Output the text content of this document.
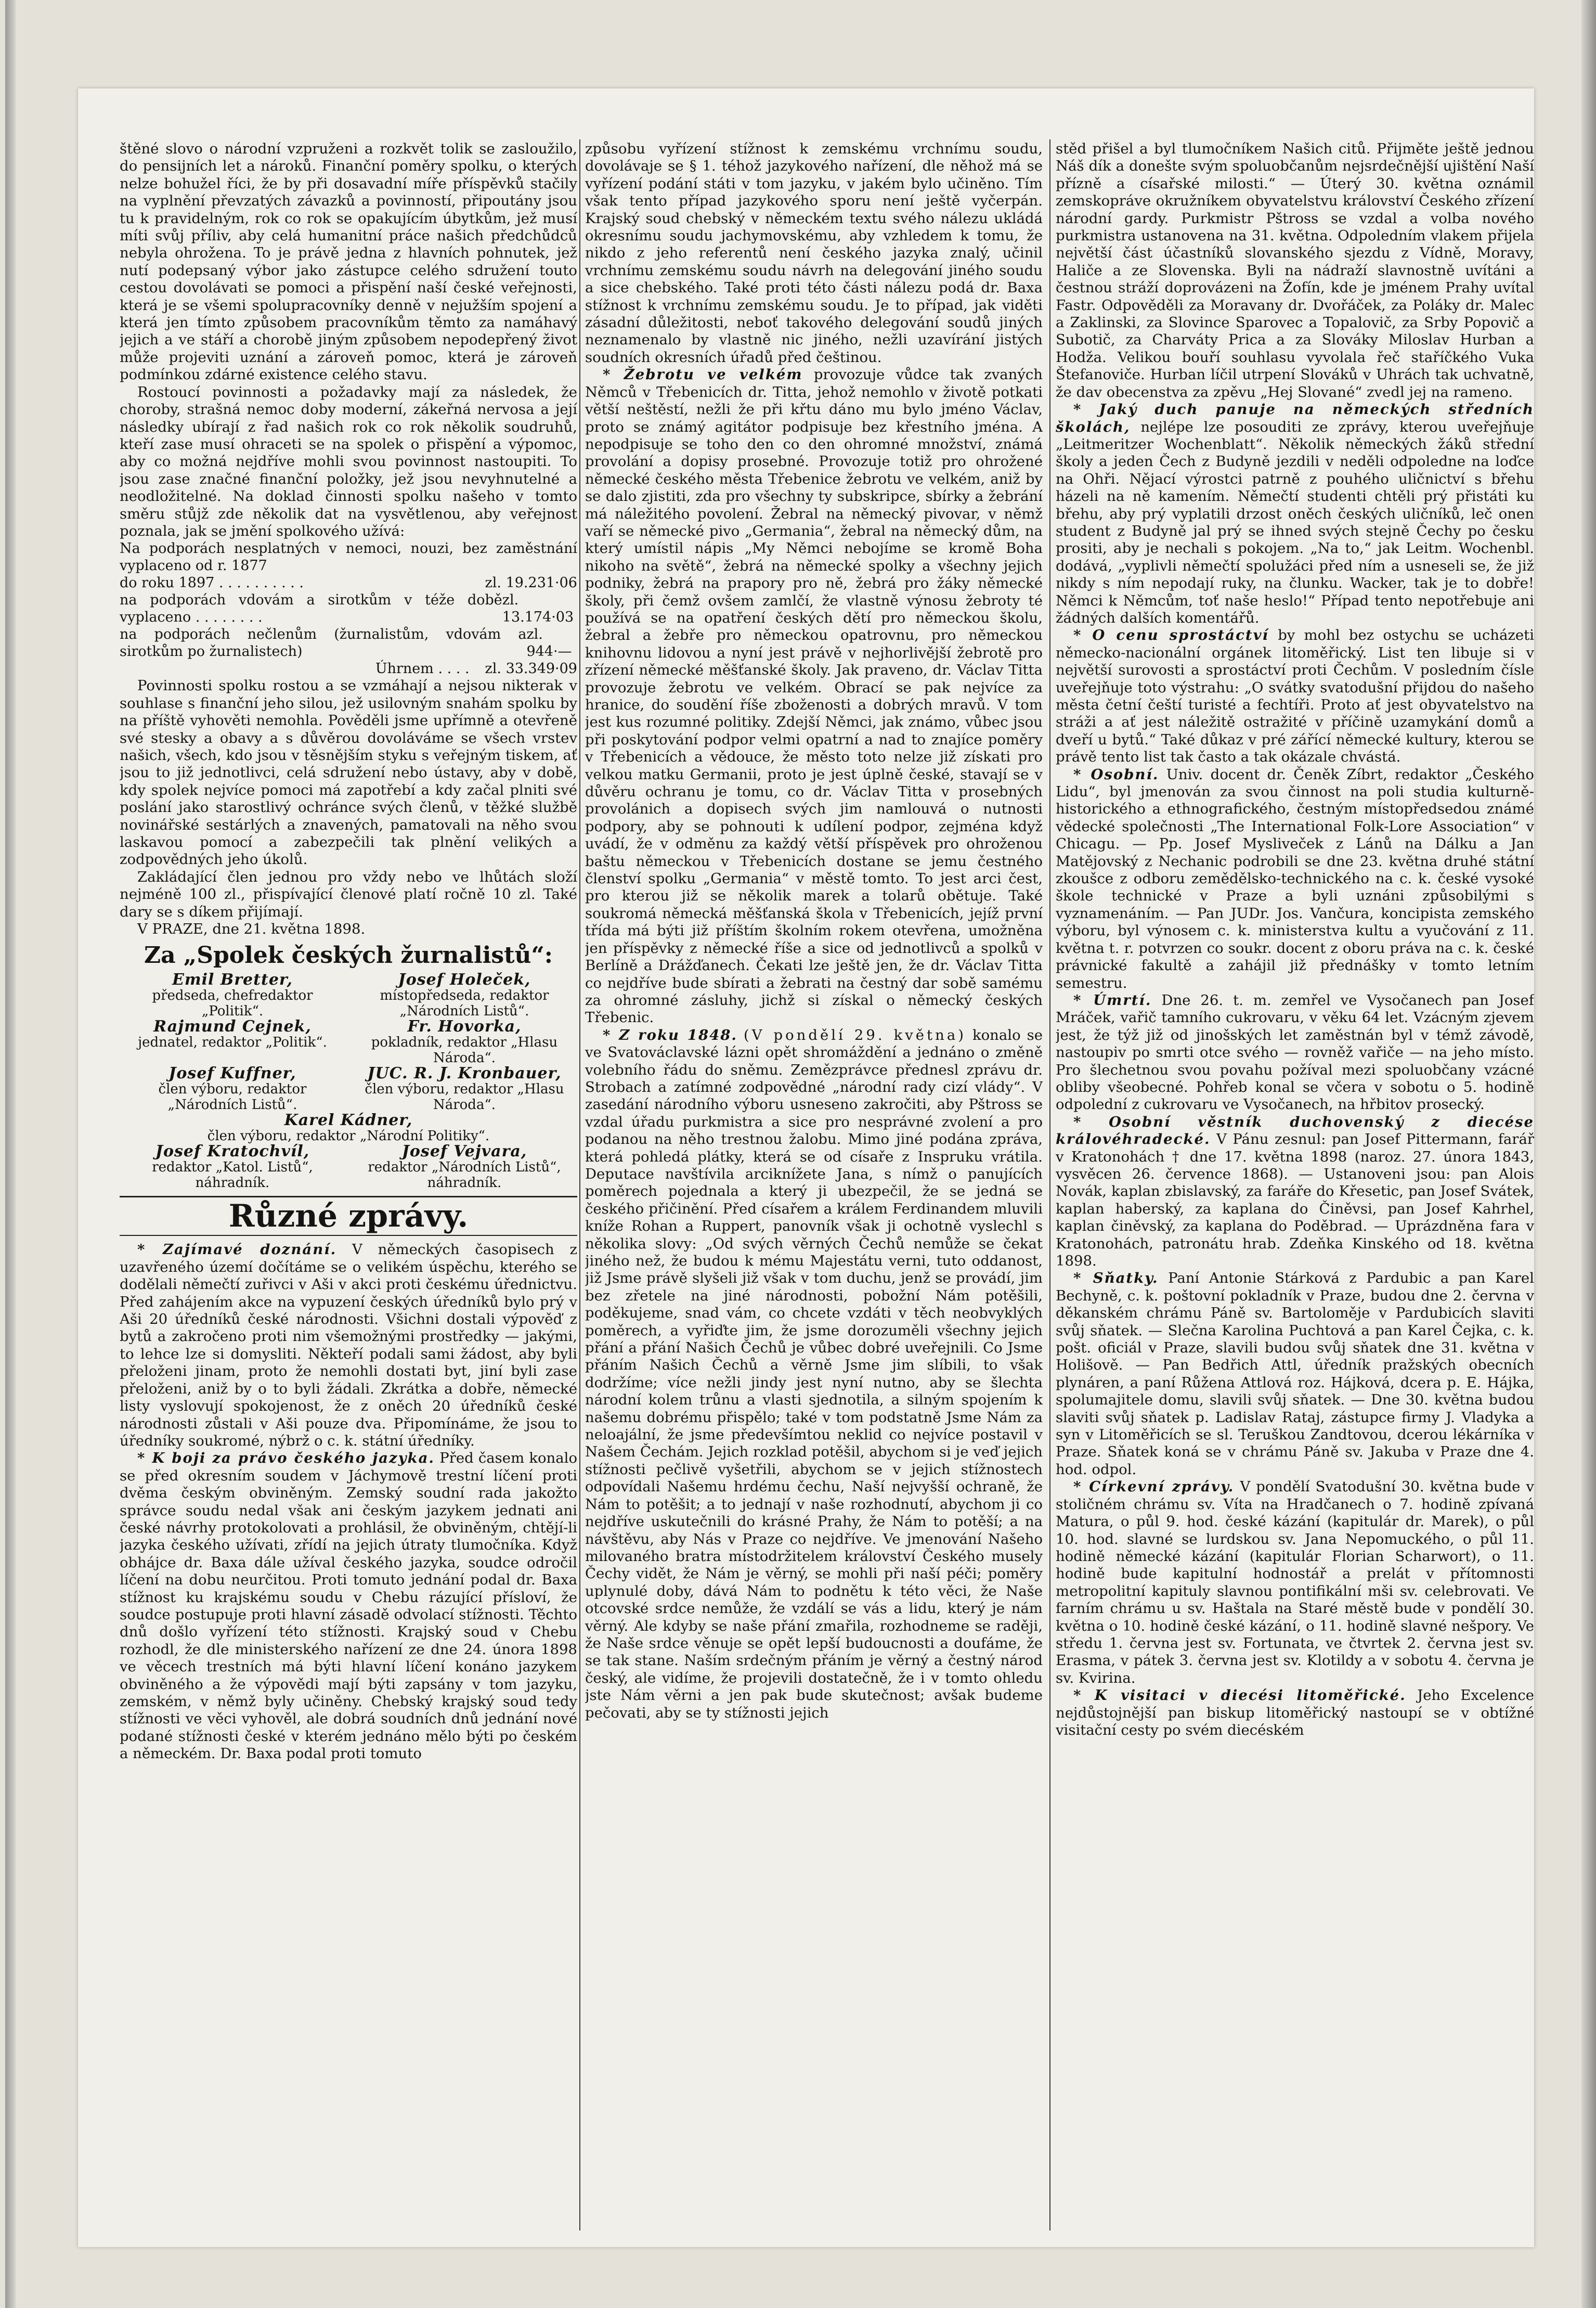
štěné slovo o národní vzpruženi a rozkvět tolik se zasloužilo, do pensijních let a nároků. Finanční poměry spolku, o kterých nelze bohužel říci, že by při dosavadní míře příspěvků stačily na vyplnění převzatých závazků a povinností, připoutány jsou tu k pravidelným, rok co rok se opakujícím úbytkům, jež musí míti svůj příliv, aby celá humanitní práce našich předchůdců nebyla ohrožena. To je právě jedna z hlavních pohnutek, jež nutí podepsaný výbor jako zástupce celého sdružení touto cestou dovolávati se pomoci a přispění naší české veřejnosti, která je se všemi spolupracovníky denně v nejužším spojení a která jen tímto způsobem pracovníkům těmto za namáhavý jejich a ve stáří a chorobě jiným způsobem nepodepřený život může projeviti uznání a zároveň pomoc, která je zároveň podmínkou zdárné existence celého stavu.

Rostoucí povinnosti a požadavky mají za následek, že choroby, strašná nemoc doby moderní, zákeřná nervosa a její následky ubírají z řad našich rok co rok několik soudruhů, kteří zase musí ohraceti se na spolek o přispění a výpomoc, aby co možná nejdříve mohli svou povinnost nastoupiti. To jsou zase značné finanční položky, jež jsou nevyhnutelné a neodložitelné. Na doklad činnosti spolku našeho v tomto směru stůjž zde několik dat na vysvětlenou, aby veřejnost poznala, jak se jmění spolkového užívá:

Na podporách nesplatných v nemoci, nouzi, bez zaměstnání vyplaceno od r. 1877
do roku 1897 . . . . . . . . . .	zl. 19.231·06
na podporách vdovám a sirotkům v téže době vyplaceno . . . . . . . .
zl. 13.174·03
na podporách nečlenům (žurnalistům, vdovám a sirotkům po žurnalistech)
zl. 944·—
Úhrnem . . . . zl. 33.349·09

Povinnosti spolku rostou a se vzmáhají a nejsou nikterak v souhlase s finanční jeho silou, jež usilovným snahám spolku by na příště vyhověti nemohla. Pověděli jsme upřímně a otevřeně své stesky a obavy a s důvěrou dovoláváme se všech vrstev našich, všech, kdo jsou v těsnějším styku s veřejným tiskem, ať jsou to již jednotlivci, celá sdružení nebo ústavy, aby v době, kdy spolek nejvíce pomoci má zapotřebí a kdy začal plniti své poslání jako starostlivý ochránce svých členů, v těžké službě novinářské sestárlých a znavených, pamatovali na něho svou laskavou pomocí a zabezpečili tak plnění velikých a zodpovědných jeho úkolů.

Zakládající člen jednou pro vždy nebo ve lhůtách složí nejméně 100 zl., přispívající členové platí ročně 10 zl. Také dary se s díkem přijímají.

V PRAZE, dne 21. května 1898.

Za „Spolek českých žurnalistů“:
Emil Bretter,
předseda, chefredaktor „Politik“.
Josef Holeček,
místopředseda, redaktor „Národních Listů“.
Rajmund Cejnek,
jednatel, redaktor „Politik“.
Fr. Hovorka,
pokladník, redaktor „Hlasu Národa“.
Josef Kuffner,
člen výboru, redaktor „Národních Listů“.
JUC. R. J. Kronbauer,
člen výboru, redaktor „Hlasu Národa“.
Karel Kádner,
člen výboru, redaktor „Národní Politiky“.
Josef Kratochvíl,
redaktor „Katol. Listů“, náhradník.
Josef Vejvara,
redaktor „Národních Listů“, náhradník.
Různé zprávy.

* Zajímavé doznání. V německých časopisech z uzavřeného území dočítáme se o velikém úspěchu, kterého se dodělali němečtí zuřivci v Aši v akci proti českému úřednictvu. Před zahájením akce na vypuzení českých úředníků bylo prý v Aši 20 úředníků české národnosti. Všichni dostali výpověď z bytů a zakročeno proti nim všemožnými prostředky — jakými, to lehce lze si domysliti. Někteří podali sami žádost, aby byli přeloženi jinam, proto že nemohli dostati byt, jiní byli zase přeloženi, aniž by o to byli žádali. Zkrátka a dobře, německé listy vyslovují spokojenost, že z oněch 20 úředníků české národnosti zůstali v Aši pouze dva. Připomínáme, že jsou to úředníky soukromé, nýbrž o c. k. státní úředníky.

* K boji za právo českého jazyka. Před časem konalo se před okresním soudem v Jáchymově trestní líčení proti dvěma českým obviněným. Zemský soudní rada jakožto správce soudu nedal však ani českým jazykem jednati ani české návrhy protokolovati a prohlásil, že obviněným, chtějí-li jazyka českého užívati, zřídí na jejich útraty tlumočníka. Když obhájce dr. Baxa dále užíval českého jazyka, soudce odročil líčení na dobu neurčitou. Proti tomuto jednání podal dr. Baxa stížnost ku krajskému soudu v Chebu rázující přísloví, že soudce postupuje proti hlavní zásadě odvolací stížnosti. Těchto dnů došlo vyřízení této stížnosti. Krajský soud v Chebu rozhodl, že dle ministerského nařízení ze dne 24. února 1898 ve věcech trestních má býti hlavní líčení konáno jazykem obviněného a že výpovědi mají býti zapsány v tom jazyku, zemském, v němž byly učiněny. Chebský krajský soud tedy stížnosti ve věci vyhověl, ale dobrá soudních dnů jednání nové podané stížnosti české v kterém jednáno mělo býti po českém a německém. Dr. Baxa podal proti tomuto

způsobu vyřízení stížnost k zemskému vrchnímu soudu, dovolávaje se § 1. téhož jazykového nařízení, dle něhož má se vyřízení podání státi v tom jazyku, v jakém bylo učiněno. Tím však tento případ jazykového sporu není ještě vyčerpán. Krajský soud chebský v německém textu svého nálezu ukládá okresnímu soudu jachymovskému, aby vzhledem k tomu, že nikdo z jeho referentů není českého jazyka znalý, učinil vrchnímu zemskému soudu návrh na delegování jiného soudu a sice chebského. Také proti této části nálezu podá dr. Baxa stížnost k vrchnímu zemskému soudu. Je to případ, jak viděti zásadní důležitosti, neboť takového delegování soudů jiných neznamenalo by vlastně nic jiného, nežli uzavírání jistých soudních okresních úřadů před češtinou.

* Žebrotu ve velkém provozuje vůdce tak zvaných Němců v Třebenicích dr. Titta, jehož nemohlo v životě potkati větší neštěstí, nežli že při křtu dáno mu bylo jméno Václav, proto se známý agitátor podpisuje bez křestního jména. A nepodpisuje se toho den co den ohromné množství, známá provolání a dopisy prosebné. Provozuje totiž pro ohrožené německé českého města Třebenice žebrotu ve velkém, aniž by se dalo zjistiti, zda pro všechny ty subskripce, sbírky a žebrání má náležitého povolení. Žebral na německý pivovar, v němž vaří se německé pivo „Germania“, žebral na německý dům, na který umístil nápis „My Němci nebojíme se kromě Boha nikoho na světě“, žebrá na německé spolky a všechny jejich podniky, žebrá na prapory pro ně, žebrá pro žáky německé školy, při čemž ovšem zamlčí, že vlastně výnosu žebroty té používá se na opatření českých dětí pro německou školu, žebral a žebře pro německou opatrovnu, pro německou knihovnu lidovou a nyní jest právě v nejhorlivější žebrotě pro zřízení německé měšťanské školy. Jak praveno, dr. Václav Titta provozuje žebrotu ve velkém. Obrací se pak nejvíce za hranice, do soudění říše zboženosti a dobrých mravů. V tom jest kus rozumné politiky. Zdejší Němci, jak známo, vůbec jsou při poskytování podpor velmi opatrní a nad to znajíce poměry v Třebenicích a vědouce, že město toto nelze již získati pro velkou matku Germanii, proto je jest úplně české, stavají se v důvěru ochranu je tomu, co dr. Václav Titta v prosebných provolánich a dopisech svých jim namlouvá o nutnosti podpory, aby se pohnouti k udílení podpor, zejména když uvádí, že v odměnu za každý větší příspěvek pro ohroženou baštu německou v Třebenicích dostane se jemu čestného členství spolku „Germania“ v městě tomto. To jest arci čest, pro kterou již se několik marek a tolarů obětuje. Také soukromá německá měšťanská škola v Třebenicích, jejíž první třída má býti již příštím školním rokem otevřena, umožněna jen příspěvky z německé říše a sice od jednotlivců a spolků v Berlíně a Drážďanech. Čekati lze ještě jen, že dr. Václav Titta co nejdříve bude sbírati a žebrati na čestný dar sobě samému za ohromné zásluhy, jichž si získal o německý českých Třebenic.

* Z roku 1848. (V pondělí 29. května) konalo se ve Svatováclavské lázni opět shromáždění a jednáno o změně volebního řádu do sněmu. Zemězprávce přednesl zprávu dr. Strobach a zatímné zodpovědné „národní rady cizí vlády“. V zasedání národního výboru usneseno zakročiti, aby Pštross se vzdal úřadu purkmistra a sice pro nesprávné zvolení a pro podanou na něho trestnou žalobu. Mimo jiné podána zpráva, která pohledá plátky, která se od císaře z Inspruku vrátila. Deputace navštívila arciknížete Jana, s nímž o panujících poměrech pojednala a který ji ubezpečil, že se jedná se českého přičinění. Před císařem a králem Ferdinandem mluvili kníže Rohan a Ruppert, panovník však ji ochotně vyslechl s několika slovy: „Od svých věrných Čechů nemůže se čekat jiného než, že budou k mému Majestátu verni, tuto oddanost, již Jsme právě slyšeli již však v tom duchu, jenž se provádí, jim bez zřetele na jiné národnosti, pobožní Nám potěšili, poděkujeme, snad vám, co chcete vzdáti v těch neobvyklých poměrech, a vyřiďte jim, že jsme dorozuměli všechny jejich přání a přání Našich Čechů je vůbec dobré uveřejnili. Co Jsme přáním Našich Čechů a věrně Jsme jim slíbili, to však dodržíme; více nežli jindy jest nyní nutno, aby se šlechta národní kolem trůnu a vlasti sjednotila, a silným spojením k našemu dobrému přispělo; také v tom podstatně Jsme Nám za neloajální, že jsme předevšímtou neklid co nejvíce postavil v Našem Čechám. Jejich rozklad potěšil, abychom si je veď jejich stížnosti pečlivě vyšetřili, abychom se v jejich stížnostech odpovídali Našemu hrdému čechu, Naší nejvyšší ochraně, že Nám to potěšit; a to jednají v naše rozhodnutí, abychom ji co nejdříve uskutečnili do krásné Prahy, že Nám to potěší; a na návštěvu, aby Nás v Praze co nejdříve. Ve jmenování Našeho milovaného bratra místodržitelem království Českého musely Čechy vidět, že Nám je věrný, se mohli při naší péči; poměry uplynulé doby, dává Nám to podnětu k této věci, že Naše otcovské srdce nemůže, že vzdálí se vás a lidu, který je nám věrný. Ale kdyby se naše přání zmařila, rozhodneme se raději, že Naše srdce věnuje se opět lepší budoucnosti a doufáme, že se tak stane. Naším srdečným přáním je věrný a čestný národ český, ale vidíme, že projevili dostatečně, že i v tomto ohledu jste Nám věrni a jen pak bude skutečnost; avšak budeme pečovati, aby se ty stížnosti jejich

stěd přišel a byl tlumočníkem Našich citů. Přijměte ještě jednou Náš dík a donešte svým spoluobčanům nejsrdečnější ujištění Naší přízně a císařské milosti.“ — Úterý 30. května oznámil zemskopráve okružníkem obyvatelstvu království Českého zřízení národní gardy. Purkmistr Pštross se vzdal a volba nového purkmistra ustanovena na 31. května. Odpoledním vlakem přijela největší část účastníků slovanského sjezdu z Vídně, Moravy, Haliče a ze Slovenska. Byli na nádraží slavnostně uvítáni a čestnou stráží doprovázeni na Žofín, kde je jménem Prahy uvítal Fastr. Odpověděli za Moravany dr. Dvořáček, za Poláky dr. Malec a Zaklinski, za Slovince Sparovec a Topalovič, za Srby Popovič a Subotič, za Charváty Prica a za Slováky Miloslav Hurban a Hodža. Velikou bouří souhlasu vyvolala řeč staříčkého Vuka Štefanoviče. Hurban líčil utrpení Slováků v Uhrách tak uchvatně, že dav obecenstva za zpěvu „Hej Slované“ zvedl jej na rameno.

* Jaký duch panuje na německých středních školách, nejlépe lze posouditi ze zprávy, kterou uveřejňuje „Leitmeritzer Wochenblatt“. Několik německých žáků střední školy a jeden Čech z Budyně jezdili v neděli odpoledne na loďce na Ohři. Nějací výrostci patrně z pouhého uličnictví s břehu házeli na ně kamením. Němečtí studenti chtěli prý přistáti ku břehu, aby prý vyplatili drzost oněch českých uličníků, leč onen student z Budyně jal prý se ihned svých stejně Čechy po česku prositi, aby je nechali s pokojem. „Na to,“ jak Leitm. Wochenbl. dodává, „vyplivli němečtí spolužáci před ním a usneseli se, že již nikdy s ním nepodají ruky, na člunku. Wacker, tak je to dobře! Němci k Němcům, toť naše heslo!“ Případ tento nepotřebuje ani žádných dalších komentářů.

* O cenu sprostáctví by mohl bez ostychu se ucházeti německo-nacionální orgánek litoměřický. List ten libuje si v největší surovosti a sprostáctví proti Čechům. V posledním čísle uveřejňuje toto výstrahu: „O svátky svatodušní přijdou do našeho města četní čeští turisté a fechtíři. Proto ať jest obyvatelstvo na stráži a ať jest náležitě ostražité v příčině uzamykání domů a dveří u bytů.“ Také důkaz v pré zářící německé kultury, kterou se právě tento list tak často a tak okázale chvástá.

* Osobní. Univ. docent dr. Čeněk Zíbrt, redaktor „Českého Lidu“, byl jmenován za svou činnost na poli studia kulturně-historického a ethnografického, čestným místopředsedou známé vědecké společnosti „The International Folk-Lore Association“ v Chicagu. — Pp. Josef Mysliveček z Lánů na Dálku a Jan Matějovský z Nechanic podrobili se dne 23. května druhé státní zkoušce z odboru zemědělsko-technického na c. k. české vysoké škole technické v Praze a byli uznáni způsobilými s vyznamenáním. — Pan JUDr. Jos. Vančura, koncipista zemského výboru, byl výnosem c. k. ministerstva kultu a vyučování z 11. května t. r. potvrzen co soukr. docent z oboru práva na c. k. české právnické fakultě a zahájil již přednášky v tomto letním semestru.

* Úmrtí. Dne 26. t. m. zemřel ve Vysočanech pan Josef Mráček, vařič tamního cukrovaru, v věku 64 let. Vzácným zjevem jest, že týž již od jinošských let zaměstnán byl v témž závodě, nastoupiv po smrti otce svého — rovněž vařiče — na jeho místo. Pro šlechetnou svou povahu požíval mezi spoluobčany vzácné obliby všeobecné. Pohřeb konal se včera v sobotu o 5. hodině odpolední z cukrovaru ve Vysočanech, na hřbitov prosecký.

* Osobní věstník duchovenský z diecése královéhradecké. V Pánu zesnul: pan Josef Pittermann, farář v Kratonohách † dne 17. května 1898 (naroz. 27. února 1843, vysvěcen 26. července 1868). — Ustanoveni jsou: pan Alois Novák, kaplan zbislavský, za faráře do Křesetic, pan Josef Svátek, kaplan haberský, za kaplana do Činěvsi, pan Josef Kahrhel, kaplan činěvský, za kaplana do Poděbrad. — Uprázdněna fara v Kratonohách, patronátu hrab. Zdeňka Kinského od 18. května 1898.

* Sňatky. Paní Antonie Stárková z Pardubic a pan Karel Bechyně, c. k. poštovní pokladník v Praze, budou dne 2. června v děkanském chrámu Páně sv. Bartoloměje v Pardubicích slaviti svůj sňatek. — Slečna Karolina Puchtová a pan Karel Čejka, c. k. pošt. oficiál v Praze, slavili budou svůj sňatek dne 31. května v Holišově. — Pan Bedřich Attl, úředník pražských obecních plynáren, a paní Růžena Attlová roz. Hájková, dcera p. E. Hájka, spolumajitele domu, slavili svůj sňatek. — Dne 30. května budou slaviti svůj sňatek p. Ladislav Rataj, zástupce firmy J. Vladyka a syn v Litoměřicích se sl. Teruškou Zandtovou, dcerou lékárníka v Praze. Sňatek koná se v chrámu Páně sv. Jakuba v Praze dne 4. hod. odpol.

* Církevní zprávy. V pondělí Svatodušní 30. května bude v stoličném chrámu sv. Víta na Hradčanech o 7. hodině zpívaná Matura, o půl 9. hod. české kázání (kapitulár dr. Marek), o půl 10. hod. slavné se lurdskou sv. Jana Nepomuckého, o půl 11. hodině německé kázání (kapitulár Florian Scharwort), o 11. hodině bude kapitulní hodnostář a prelát v přítomnosti metropolitní kapituly slavnou pontifikální mši sv. celebrovati. Ve farním chrámu u sv. Haštala na Staré městě bude v pondělí 30. května o 10. hodině české kázání, o 11. hodině slavné nešpory. Ve středu 1. června jest sv. Fortunata, ve čtvrtek 2. června jest sv. Erasma, v pátek 3. června jest sv. Klotildy a v sobotu 4. června je sv. Kvirina.

* K visitaci v diecési litoměřické. Jeho Excelence nejdůstojnější pan biskup litoměřický nastoupí se v obtížné visitační cesty po svém diecéském
